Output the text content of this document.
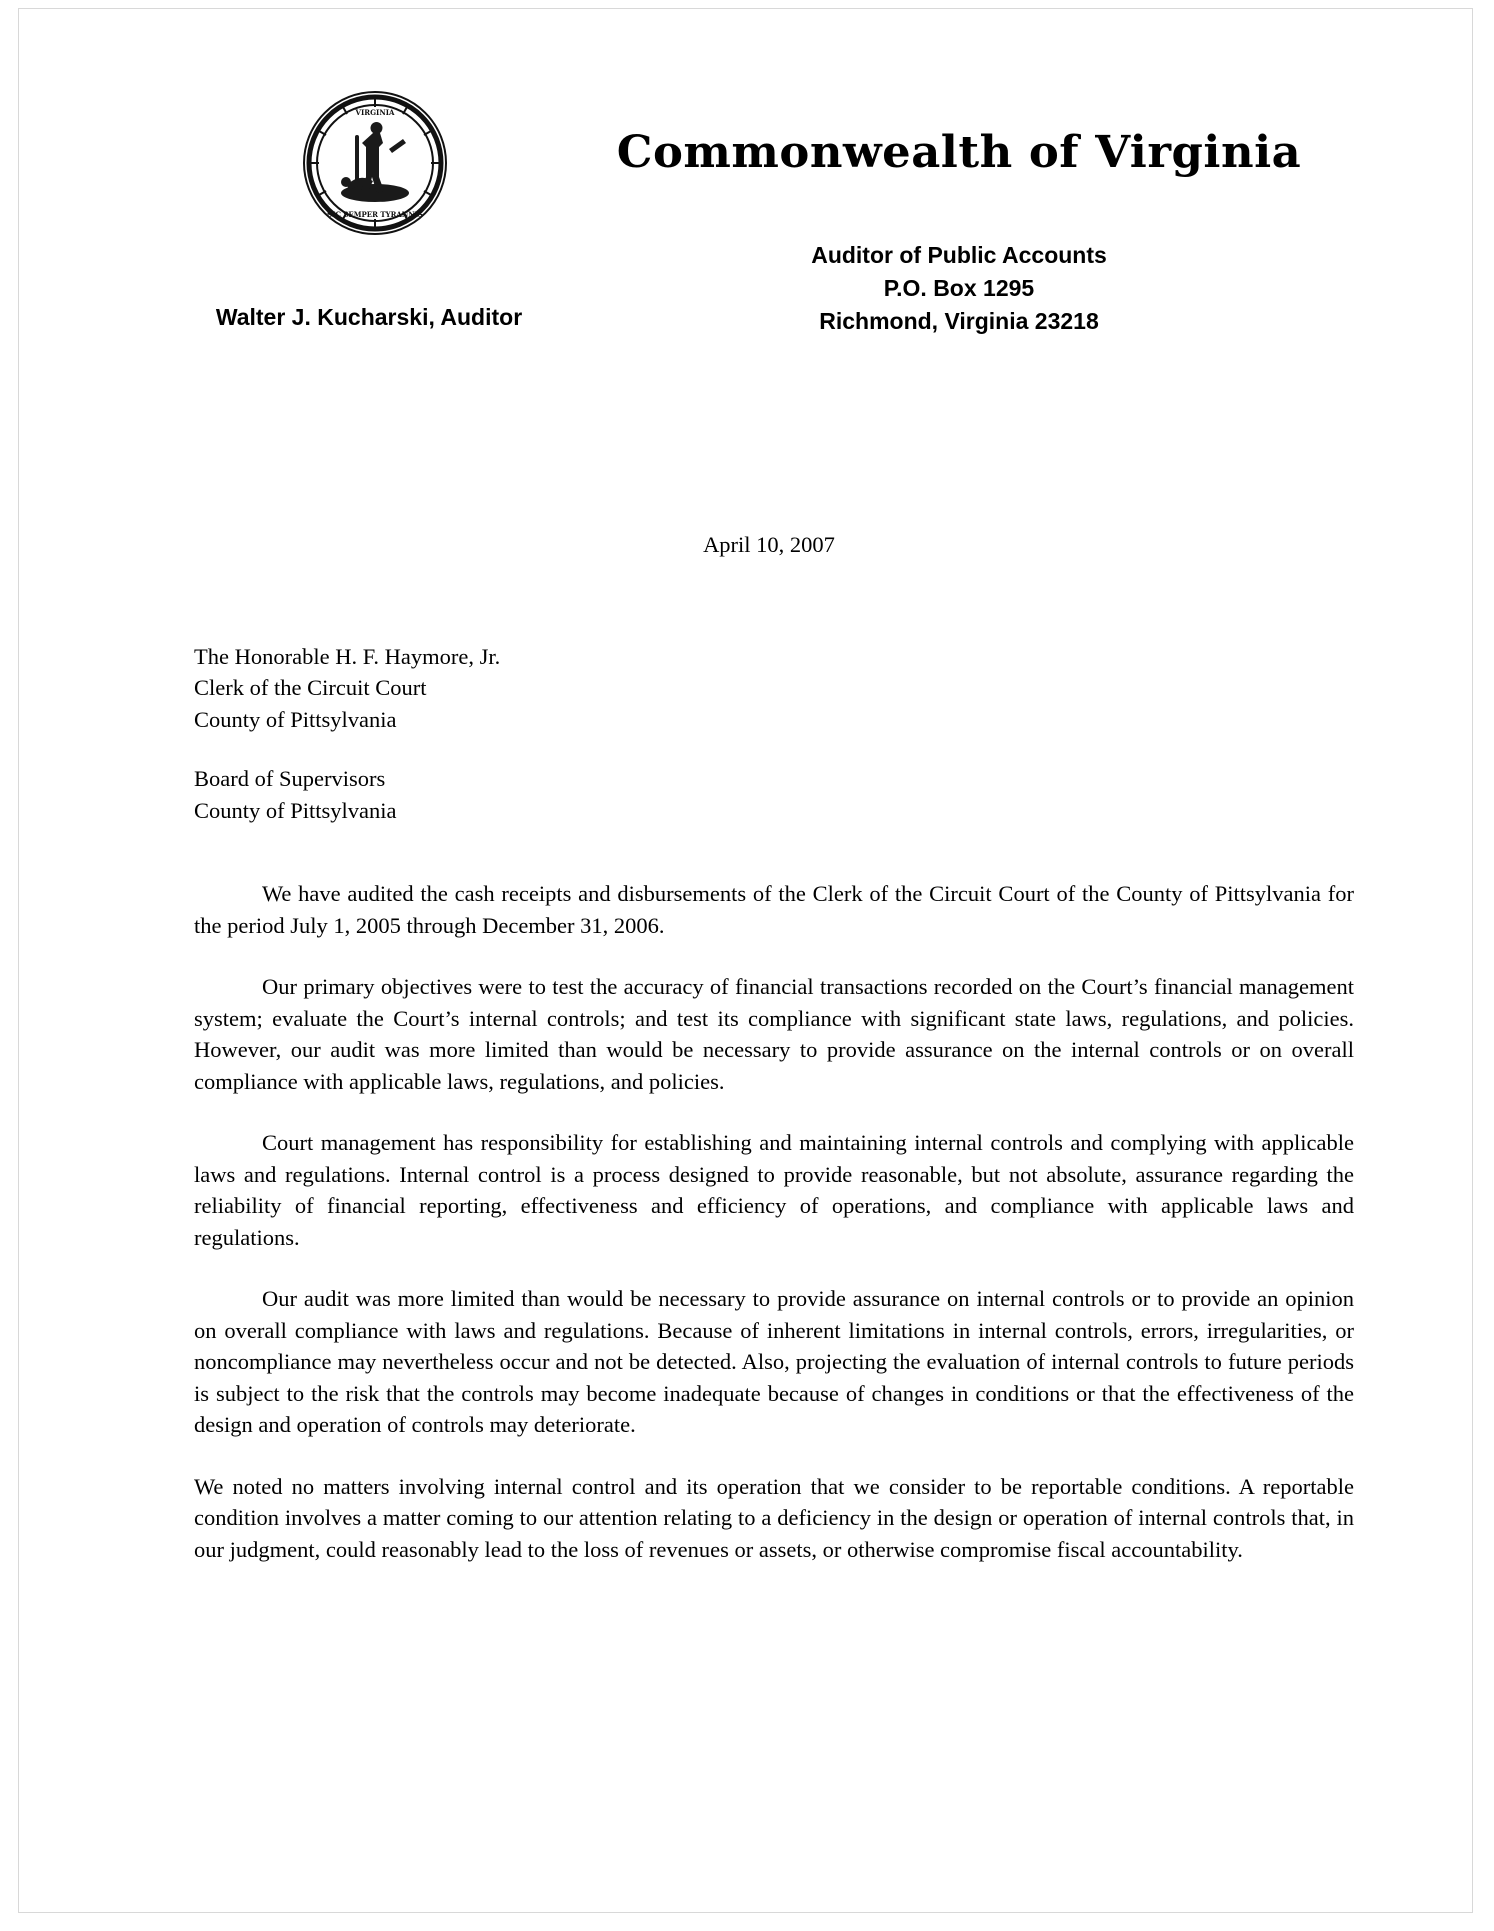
VIRGINIA
SIC SEMPER TYRANNIS
Commonwealth of Virginia
Auditor of Public Accounts
P.O. Box 1295
Richmond, Virginia 23218
Walter J. Kucharski, Auditor
April 10, 2007
The Honorable H. F. Haymore, Jr.
Clerk of the Circuit Court
County of Pittsylvania
Board of Supervisors
County of Pittsylvania

We have audited the cash receipts and disbursements of the Clerk of the Circuit Court of the County of Pittsylvania for the period July 1, 2005 through December 31, 2006.

Our primary objectives were to test the accuracy of financial transactions recorded on the Court’s financial management system; evaluate the Court’s internal controls; and test its compliance with significant state laws, regulations, and policies. However, our audit was more limited than would be necessary to provide assurance on the internal controls or on overall compliance with applicable laws, regulations, and policies.

Court management has responsibility for establishing and maintaining internal controls and complying with applicable laws and regulations. Internal control is a process designed to provide reasonable, but not absolute, assurance regarding the reliability of financial reporting, effectiveness and efficiency of operations, and compliance with applicable laws and regulations.

Our audit was more limited than would be necessary to provide assurance on internal controls or to provide an opinion on overall compliance with laws and regulations. Because of inherent limitations in internal controls, errors, irregularities, or noncompliance may nevertheless occur and not be detected. Also, projecting the evaluation of internal controls to future periods is subject to the risk that the controls may become inadequate because of changes in conditions or that the effectiveness of the design and operation of controls may deteriorate.

We noted no matters involving internal control and its operation that we consider to be reportable conditions. A reportable condition involves a matter coming to our attention relating to a deficiency in the design or operation of internal controls that, in our judgment, could reasonably lead to the loss of revenues or assets, or otherwise compromise fiscal accountability.
